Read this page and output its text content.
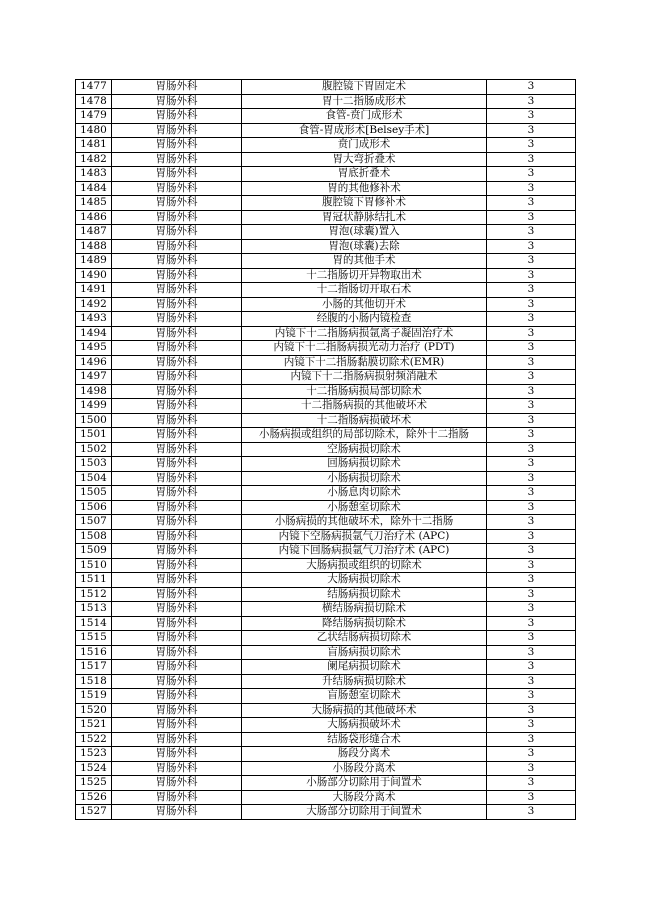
1477	胃肠外科	腹腔镜下胃固定术	3
1478	胃肠外科	胃十二指肠成形术	3
1479	胃肠外科	食管-贲门成形术	3
1480	胃肠外科	食管-胃成形术[Belsey手术]	3
1481	胃肠外科	贲门成形术	3
1482	胃肠外科	胃大弯折叠术	3
1483	胃肠外科	胃底折叠术	3
1484	胃肠外科	胃的其他修补术	3
1485	胃肠外科	腹腔镜下胃修补术	3
1486	胃肠外科	胃冠状静脉结扎术	3
1487	胃肠外科	胃泡(球囊)置入	3
1488	胃肠外科	胃泡(球囊)去除	3
1489	胃肠外科	胃的其他手术	3
1490	胃肠外科	十二指肠切开异物取出术	3
1491	胃肠外科	十二指肠切开取石术	3
1492	胃肠外科	小肠的其他切开术	3
1493	胃肠外科	经腹的小肠内镜检查	3
1494	胃肠外科	内镜下十二指肠病损氩离子凝固治疗术	3
1495	胃肠外科	内镜下十二指肠病损光动力治疗 (PDT)	3
1496	胃肠外科	内镜下十二指肠黏膜切除术(EMR)	3
1497	胃肠外科	内镜下十二指肠病损射频消融术	3
1498	胃肠外科	十二指肠病损局部切除术	3
1499	胃肠外科	十二指肠病损的其他破坏术	3
1500	胃肠外科	十二指肠病损破坏术	3
1501	胃肠外科	小肠病损或组织的局部切除术，除外十二指肠	3
1502	胃肠外科	空肠病损切除术	3
1503	胃肠外科	回肠病损切除术	3
1504	胃肠外科	小肠病损切除术	3
1505	胃肠外科	小肠息肉切除术	3
1506	胃肠外科	小肠憩室切除术	3
1507	胃肠外科	小肠病损的其他破坏术，除外十二指肠	3
1508	胃肠外科	内镜下空肠病损氩气刀治疗术 (APC)	3
1509	胃肠外科	内镜下回肠病损氩气刀治疗术 (APC)	3
1510	胃肠外科	大肠病损或组织的切除术	3
1511	胃肠外科	大肠病损切除术	3
1512	胃肠外科	结肠病损切除术	3
1513	胃肠外科	横结肠病损切除术	3
1514	胃肠外科	降结肠病损切除术	3
1515	胃肠外科	乙状结肠病损切除术	3
1516	胃肠外科	盲肠病损切除术	3
1517	胃肠外科	阑尾病损切除术	3
1518	胃肠外科	升结肠病损切除术	3
1519	胃肠外科	盲肠憩室切除术	3
1520	胃肠外科	大肠病损的其他破坏术	3
1521	胃肠外科	大肠病损破坏术	3
1522	胃肠外科	结肠袋形缝合术	3
1523	胃肠外科	肠段分离术	3
1524	胃肠外科	小肠段分离术	3
1525	胃肠外科	小肠部分切除用于间置术	3
1526	胃肠外科	大肠段分离术	3
1527	胃肠外科	大肠部分切除用于间置术	3
